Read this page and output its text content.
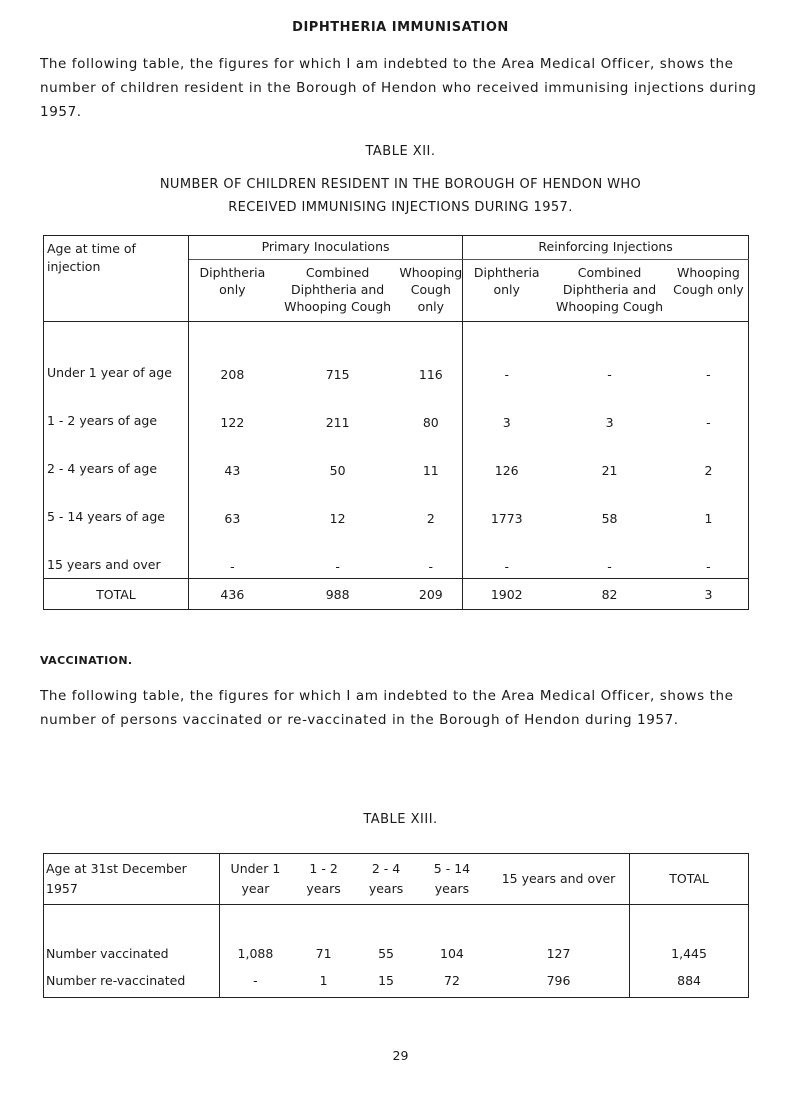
DIPHTHERIA IMMUNISATION
The following table, the figures for which I am indebted to the Area Medical Officer, shows the number of children resident in the Borough of Hendon who received immunising injections during 1957.
TABLE XII.
NUMBER OF CHILDREN RESIDENT IN THE BOROUGH OF HENDON WHO
RECEIVED IMMUNISING INJECTIONS DURING 1957.
Age at time of injection	Primary Inoculations			Reinforcing Injections		
	Diphtheria only	Combined Diphtheria and Whooping Cough	Whooping Cough only	Diphtheria only	Combined Diphtheria and Whooping Cough	Whooping Cough only
Under 1 year of age	208	715	116	-	-	-
1 - 2 years of age	122	211	80	3	3	-
2 - 4 years of age	43	50	11	126	21	2
5 - 14 years of age	63	12	2	1773	58	1
15 years and over	-	-	-	-	-	-
TOTAL	436	988	209	1902	82	3
VACCINATION.
The following table, the figures for which I am indebted to the Area Medical Officer, shows the number of persons vaccinated or re-vaccinated in the Borough of Hendon during 1957.
TABLE XIII.
Age at 31st December 1957	Under 1 year	1 - 2 years	2 - 4 years	5 - 14 years	15 years and over	TOTAL
Number vaccinated	1,088	71	55	104	127	1,445
Number re-vaccinated	-	1	15	72	796	884
29
